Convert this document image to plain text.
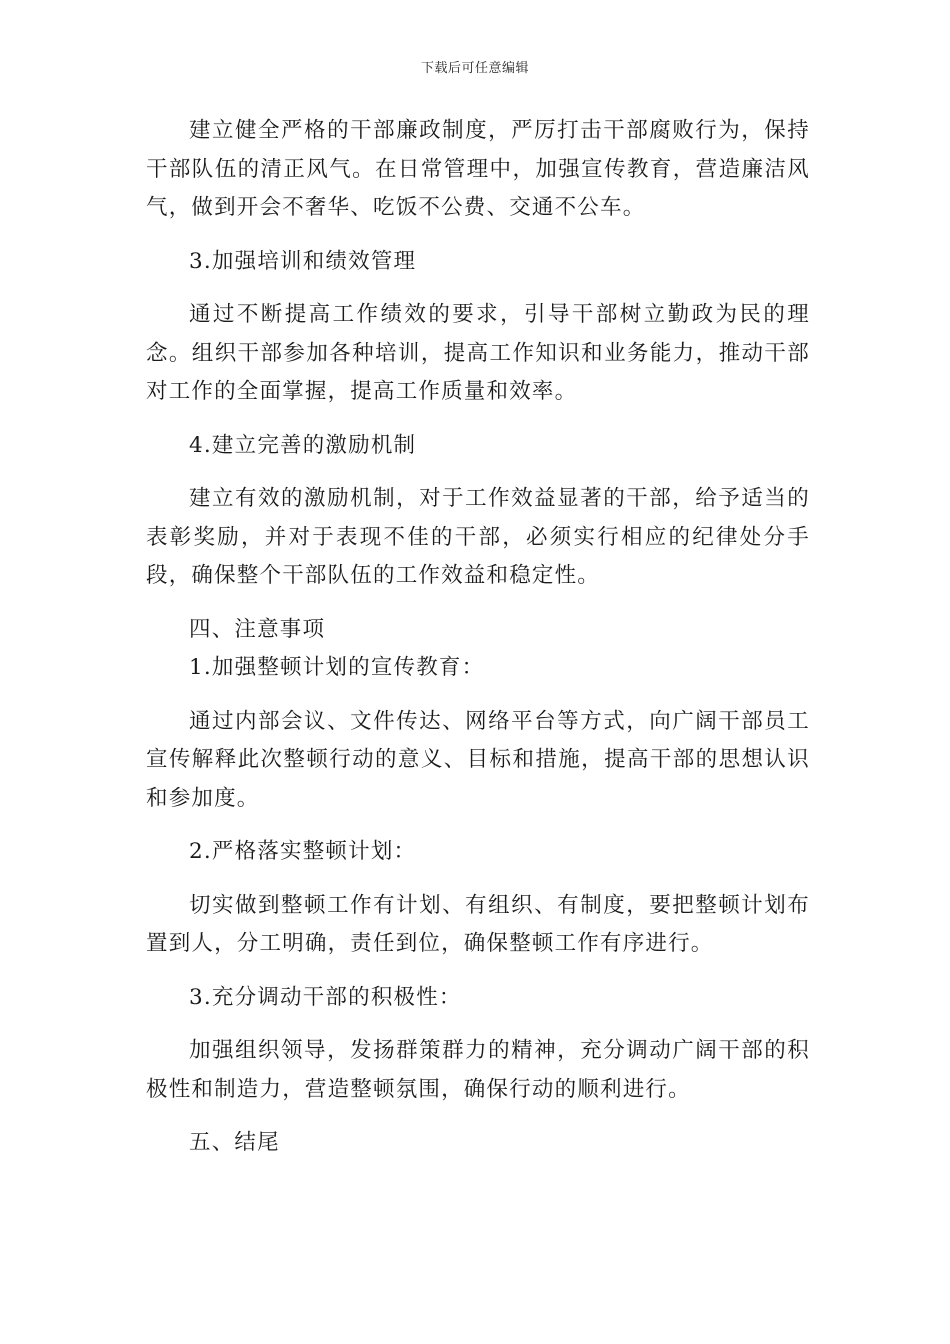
下载后可任意编辑

建立健全严格的干部廉政制度，严厉打击干部腐败行为，保持干部队伍的清正风气。在日常管理中，加强宣传教育，营造廉洁风气，做到开会不奢华、吃饭不公费、交通不公车。

3.加强培训和绩效管理

通过不断提高工作绩效的要求，引导干部树立勤政为民的理念。组织干部参加各种培训，提高工作知识和业务能力，推动干部对工作的全面掌握，提高工作质量和效率。

4.建立完善的激励机制

建立有效的激励机制，对于工作效益显著的干部，给予适当的表彰奖励，并对于表现不佳的干部，必须实行相应的纪律处分手段，确保整个干部队伍的工作效益和稳定性。

四、注意事项

1.加强整顿计划的宣传教育：

通过内部会议、文件传达、网络平台等方式，向广阔干部员工宣传解释此次整顿行动的意义、目标和措施，提高干部的思想认识和参加度。

2.严格落实整顿计划：

切实做到整顿工作有计划、有组织、有制度，要把整顿计划布置到人，分工明确，责任到位，确保整顿工作有序进行。

3.充分调动干部的积极性：

加强组织领导，发扬群策群力的精神，充分调动广阔干部的积极性和制造力，营造整顿氛围，确保行动的顺利进行。

五、结尾
